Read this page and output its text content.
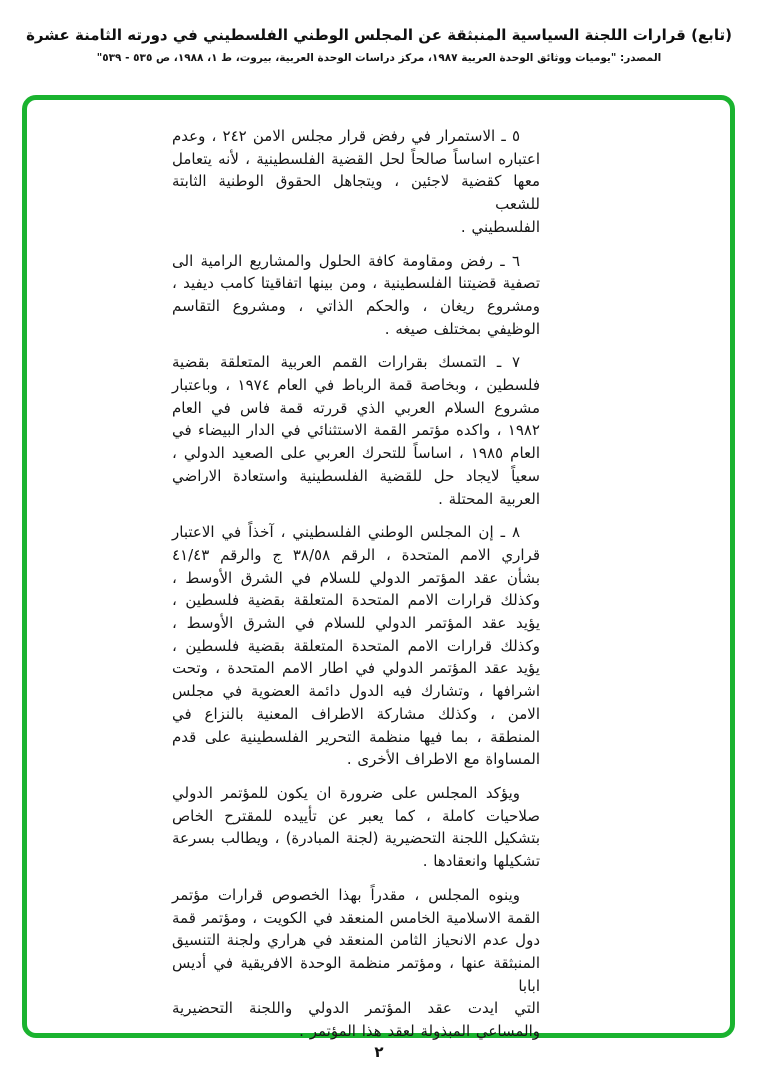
(تابع) قرارات اللجنة السياسية المنبثقة عن المجلس الوطني الفلسطيني في دورته الثامنة عشرة
المصدر: "يوميات ووثائق الوحدة العربية ١٩٨٧، مركز دراسات الوحدة العربية، بيروت، ط ١، ١٩٨٨، ص ٥٣٥ - ٥٣٩"
٥ ـ الاستمرار في رفض قرار مجلس الامن ٢٤٢ ، وعدم
اعتباره اساساً صالحاً لحل القضية الفلسطينية ، لأنه يتعامل
معها كقضية لاجئين ، ويتجاهل الحقوق الوطنية الثابتة للشعب
الفلسطيني .
٦ ـ رفض ومقاومة كافة الحلول والمشاريع الرامية الى
تصفية قضيتنا الفلسطينية ، ومن بينها اتفاقيتا كامب ديفيد ،
ومشروع ريغان ، والحكم الذاتي ، ومشروع التقاسم
الوظيفي بمختلف صيغه .
٧ ـ التمسك بقرارات القمم العربية المتعلقة بقضية
فلسطين ، وبخاصة قمة الرباط في العام ١٩٧٤ ، وباعتبار
مشروع السلام العربي الذي قررته قمة فاس في العام
١٩٨٢ ، واكده مؤتمر القمة الاستثنائي في الدار البيضاء في
العام ١٩٨٥ ، اساساً للتحرك العربي على الصعيد الدولي ،
سعياً لايجاد حل للقضية الفلسطينية واستعادة الاراضي
العربية المحتلة .
٨ ـ إن المجلس الوطني الفلسطيني ، آخذاً في الاعتبار
قراري الامم المتحدة ، الرقم ٣٨/٥٨ ج والرقم ٤١/٤٣
بشأن عقد المؤتمر الدولي للسلام في الشرق الأوسط ،
وكذلك قرارات الامم المتحدة المتعلقة بقضية فلسطين ،
يؤيد عقد المؤتمر الدولي للسلام في الشرق الأوسط ،
وكذلك قرارات الامم المتحدة المتعلقة بقضية فلسطين ،
يؤيد عقد المؤتمر الدولي في اطار الامم المتحدة ، وتحت
اشرافها ، وتشارك فيه الدول دائمة العضوية في مجلس
الامن ، وكذلك مشاركة الاطراف المعنية بالنزاع في
المنطقة ، بما فيها منظمة التحرير الفلسطينية على قدم
المساواة مع الاطراف الأخرى .
ويؤكد المجلس على ضرورة ان يكون للمؤتمر الدولي
صلاحيات كاملة ، كما يعبر عن تأييده للمقترح الخاص
بتشكيل اللجنة التحضيرية (لجنة المبادرة) ، ويطالب بسرعة
تشكيلها وانعقادها .
وينوه المجلس ، مقدراً بهذا الخصوص قرارات مؤتمر
القمة الاسلامية الخامس المنعقد في الكويت ، ومؤتمر قمة
دول عدم الانحياز الثامن المنعقد في هراري ولجنة التنسيق
المنبثقة عنها ، ومؤتمر منظمة الوحدة الافريقية في أديس ابابا
التي ايدت عقد المؤتمر الدولي واللجنة التحضيرية
والمساعي المبذولة لعقد هذا المؤتمر .
٢
